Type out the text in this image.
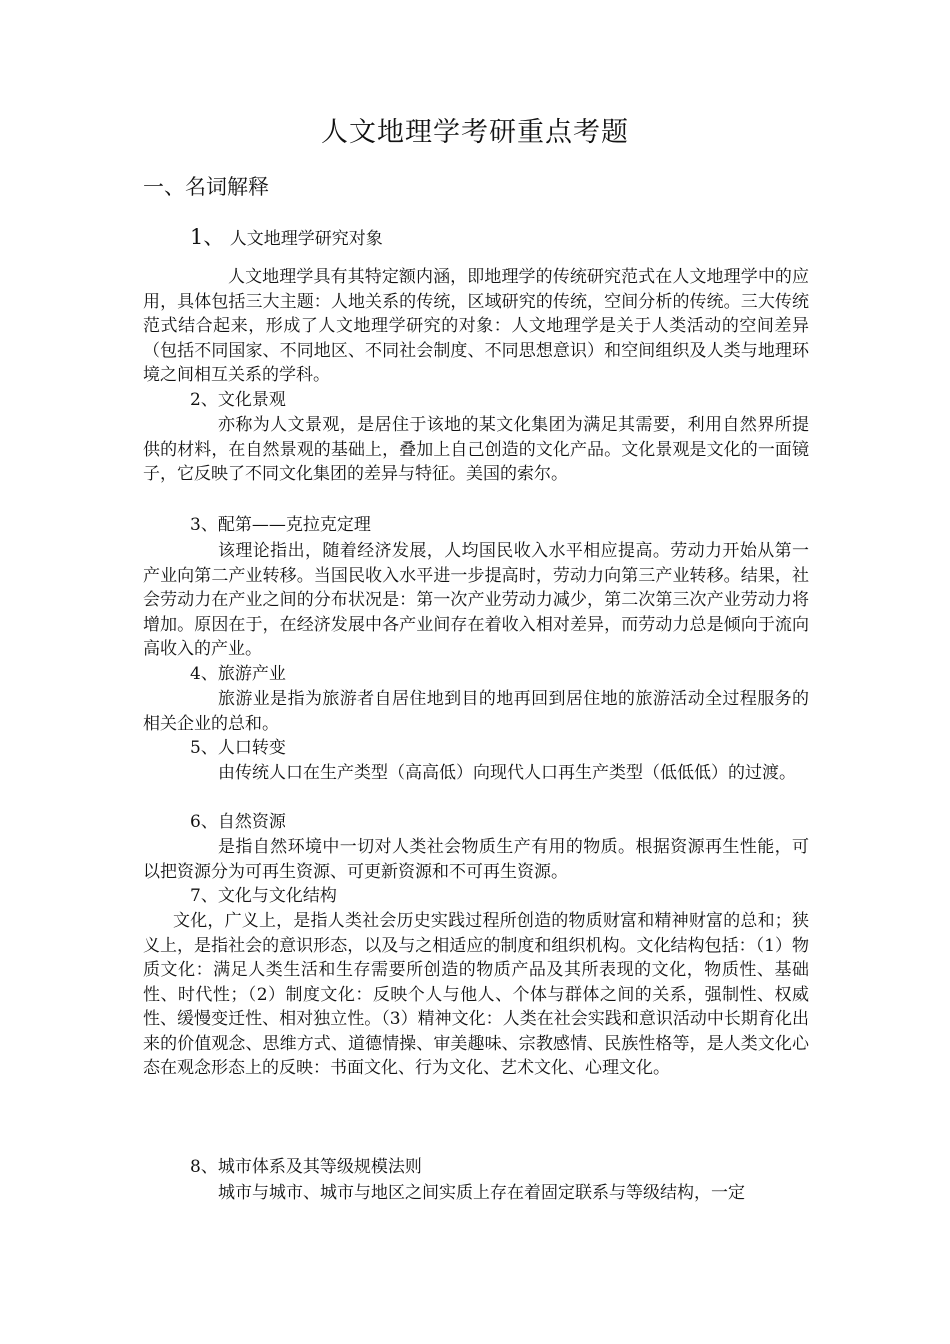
人文地理学考研重点考题
一、名词解释
1、 人文地理学研究对象

人文地理学具有其特定额内涵，即地理学的传统研究范式在人文地理学中的应用，具体包括三大主题：人地关系的传统，区域研究的传统，空间分析的传统。三大传统范式结合起来，形成了人文地理学研究的对象：人文地理学是关于人类活动的空间差异（包括不同国家、不同地区、不同社会制度、不同思想意识）和空间组织及人类与地理环境之间相互关系的学科。

2、文化景观

亦称为人文景观，是居住于该地的某文化集团为满足其需要，利用自然界所提供的材料，在自然景观的基础上，叠加上自己创造的文化产品。文化景观是文化的一面镜子，它反映了不同文化集团的差异与特征。美国的索尔。

3、配第——克拉克定理

该理论指出，随着经济发展，人均国民收入水平相应提高。劳动力开始从第一产业向第二产业转移。当国民收入水平进一步提高时，劳动力向第三产业转移。结果，社会劳动力在产业之间的分布状况是：第一次产业劳动力减少，第二次第三次产业劳动力将增加。原因在于，在经济发展中各产业间存在着收入相对差异，而劳动力总是倾向于流向高收入的产业。

4、旅游产业

旅游业是指为旅游者自居住地到目的地再回到居住地的旅游活动全过程服务的相关企业的总和。

5、人口转变

由传统人口在生产类型（高高低）向现代人口再生产类型（低低低）的过渡。

6、自然资源

是指自然环境中一切对人类社会物质生产有用的物质。根据资源再生性能，可以把资源分为可再生资源、可更新资源和不可再生资源。

7、文化与文化结构

文化，广义上，是指人类社会历史实践过程所创造的物质财富和精神财富的总和；狭义上，是指社会的意识形态，以及与之相适应的制度和组织机构。文化结构包括：（1）物质文化：满足人类生活和生存需要所创造的物质产品及其所表现的文化，物质性、基础性、时代性；（2）制度文化：反映个人与他人、个体与群体之间的关系，强制性、权威性、缓慢变迁性、相对独立性。（3）精神文化：人类在社会实践和意识活动中长期育化出来的价值观念、思维方式、道德情操、审美趣味、宗教感情、民族性格等，是人类文化心态在观念形态上的反映：书面文化、行为文化、艺术文化、心理文化。

8、城市体系及其等级规模法则

城市与城市、城市与地区之间实质上存在着固定联系与等级结构，一定
